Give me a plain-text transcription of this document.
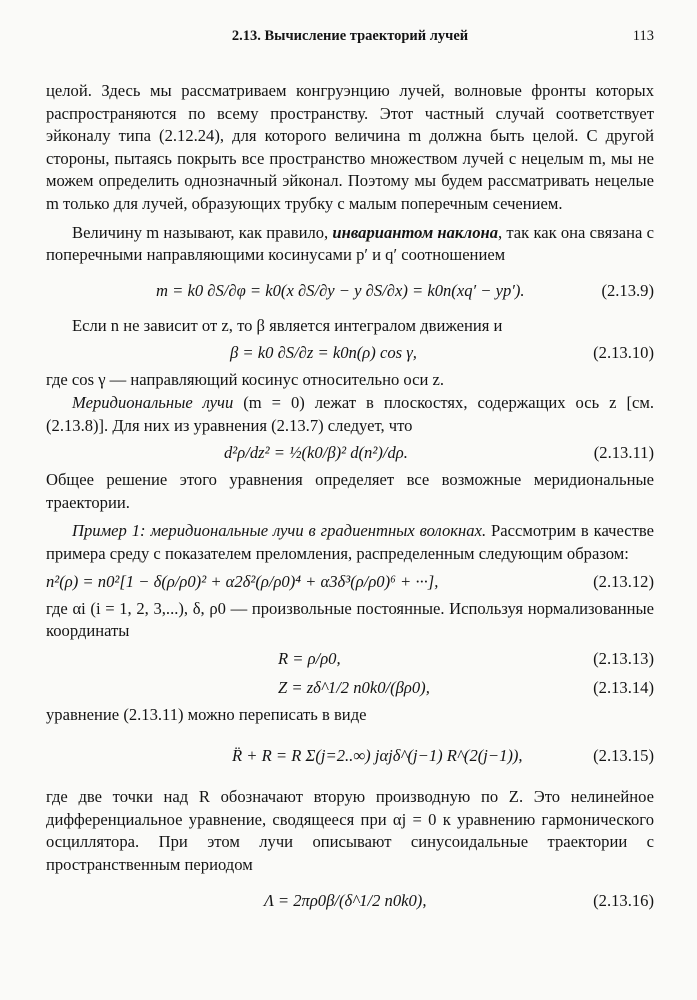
2.13. Вычисление траекторий лучей	113

целой. Здесь мы рассматриваем конгруэнцию лучей, волновые фронты которых распространяются по всему пространству. Этот частный случай соответствует эйконалу типа (2.12.24), для которого величина m должна быть целой. С другой стороны, пытаясь покрыть все пространство множеством лучей с нецелым m, мы не можем определить однозначный эйконал. Поэтому мы будем рассматривать нецелые m только для лучей, образующих трубку с малым поперечным сечением.

Величину m называют, как правило, инвариантом наклона, так как она связана с поперечными направляющими косинусами p′ и q′ соотношением

m = k0 ∂S/∂φ = k0(x ∂S/∂y − y ∂S/∂x) = k0n(xq′ − yp′).	(2.13.9)

Если n не зависит от z, то β является интегралом движения и

β = k0 ∂S/∂z = k0n(ρ) cos γ,	(2.13.10)

где cos γ — направляющий косинус относительно оси z.

Меридиональные лучи (m = 0) лежат в плоскостях, содержащих ось z [см. (2.13.8)]. Для них из уравнения (2.13.7) следует, что

d²ρ/dz² = ½(k0/β)² d(n²)/dρ.	(2.13.11)

Общее решение этого уравнения определяет все возможные меридиональные траектории.

Пример 1: меридиональные лучи в градиентных волокнах. Рассмотрим в качестве примера среду с показателем преломления, распределенным следующим образом:

n²(ρ) = n0²[1 − δ(ρ/ρ0)² + α2δ²(ρ/ρ0)⁴ + α3δ³(ρ/ρ0)⁶ + ···],	(2.13.12)

где αi (i = 1, 2, 3,...), δ, ρ0 — произвольные постоянные. Используя нормализованные координаты

R = ρ/ρ0,	(2.13.13)
Z = zδ^1/2 n0k0/(βρ0),	(2.13.14)

уравнение (2.13.11) можно переписать в виде

R̈ + R = R Σ(j=2..∞) jαjδ^(j−1) R^(2(j−1)),	(2.13.15)

где две точки над R обозначают вторую производную по Z. Это нелинейное дифференциальное уравнение, сводящееся при αj = 0 к уравнению гармонического осциллятора. При этом лучи описывают синусоидальные траектории с пространственным периодом

Λ = 2πρ0β/(δ^1/2 n0k0),	(2.13.16)
